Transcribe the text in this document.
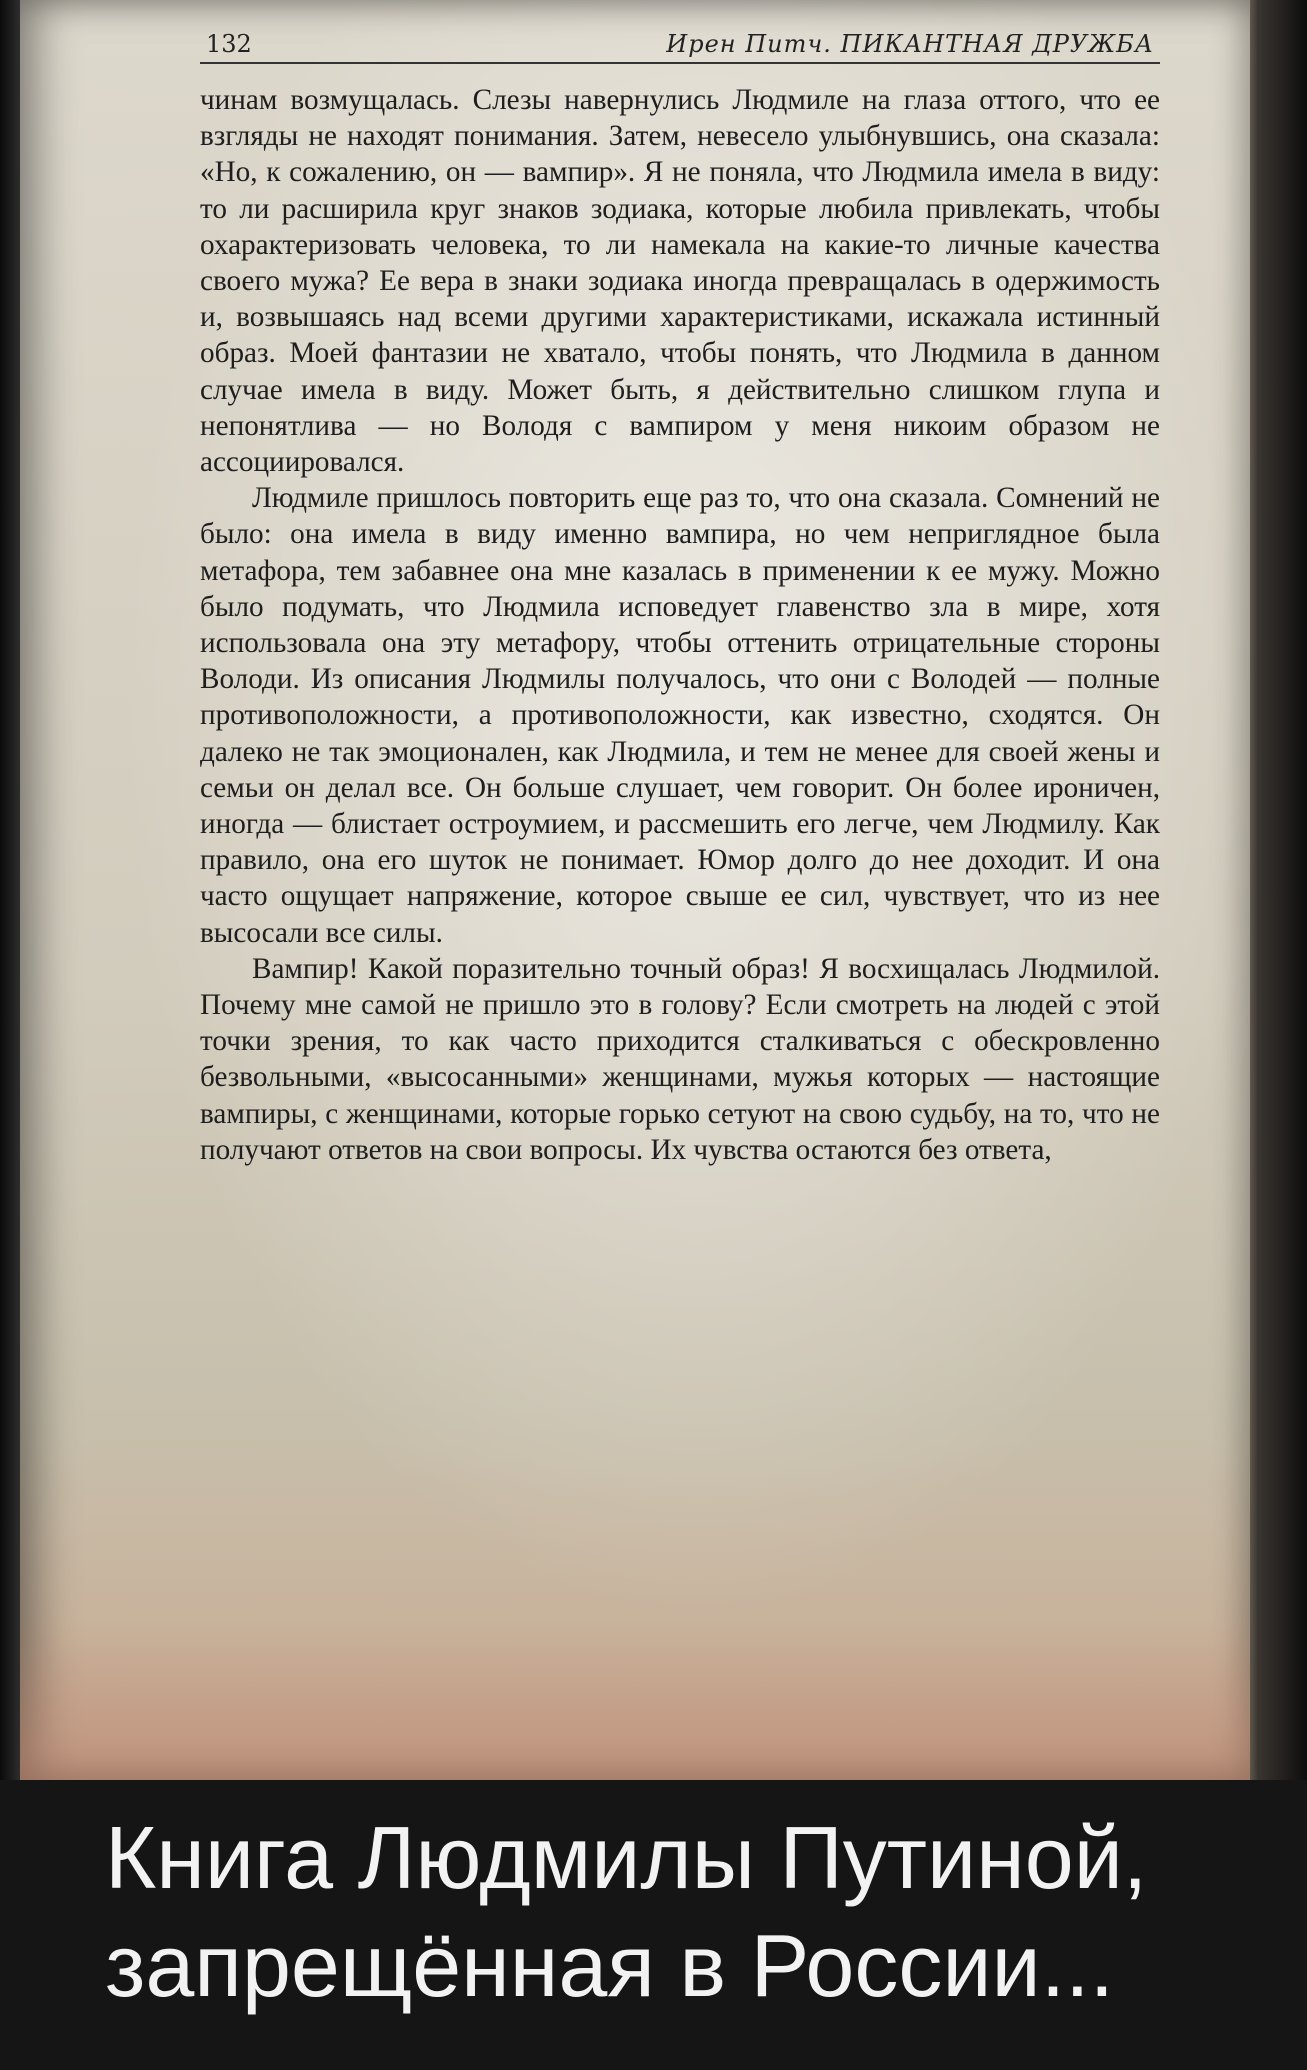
132	Ирен Питч. ПИКАНТНАЯ ДРУЖБА

чинам возмущалась. Слезы навернулись Людмиле на глаза оттого, что ее взгляды не находят понимания. Затем, невесело улыбнувшись, она сказала: «Но, к сожалению, он — вампир». Я не поняла, что Людмила имела в виду: то ли расширила круг знаков зодиака, которые любила привлекать, чтобы охарактеризовать человека, то ли намекала на какие-то личные качества своего мужа? Ее вера в знаки зодиака иногда превращалась в одержимость и, возвышаясь над всеми другими характеристиками, искажала истинный образ. Моей фантазии не хватало, чтобы понять, что Людмила в данном случае имела в виду. Может быть, я действительно слишком глупа и непонятлива — но Володя с вампиром у меня никоим образом не ассоциировался.

Людмиле пришлось повторить еще раз то, что она сказала. Сомнений не было: она имела в виду именно вампира, но чем неприглядное была метафора, тем забавнее она мне казалась в применении к ее мужу. Можно было подумать, что Людмила исповедует главенство зла в мире, хотя использовала она эту метафору, чтобы оттенить отрицательные стороны Володи. Из описания Людмилы получалось, что они с Володей — полные противоположности, а противоположности, как известно, сходятся. Он далеко не так эмоционален, как Людмила, и тем не менее для своей жены и семьи он делал все. Он больше слушает, чем говорит. Он более ироничен, иногда — блистает остроумием, и рассмешить его легче, чем Людмилу. Как правило, она его шуток не понимает. Юмор долго до нее доходит. И она часто ощущает напряжение, которое свыше ее сил, чувствует, что из нее высосали все силы.

Вампир! Какой поразительно точный образ! Я восхищалась Людмилой. Почему мне самой не пришло это в голову? Если смотреть на людей с этой точки зрения, то как часто приходится сталкиваться с обескровленно безвольными, «высосанными» женщинами, мужья которых — настоящие вампиры, с женщинами, которые горько сетуют на свою судьбу, на то, что не получают ответов на свои вопросы. Их чувства остаются без ответа,

Книга Людмилы Путиной, запрещённая в России...
